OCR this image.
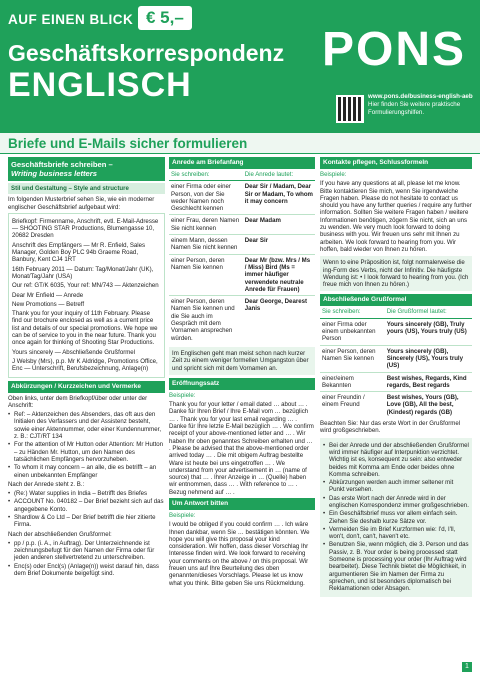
AUF EINEN BLICK € 5,–
Geschäftskorrespondenz
ENGLISCH
PONS
www.pons.de/business-english-aeb
Hier finden Sie weitere praktische Formulierungshilfen.
Briefe und E-Mails sicher formulieren
Geschäftsbriefe schreiben –
Writing business letters
Stil und Gestaltung – Style and structure

Im folgenden Musterbrief sehen Sie, wie ein moderner englischer Geschäftsbrief aufgebaut wird:

Briefkopf: Firmenname, Anschrift, evtl. E-Mail-Adresse — SHOOTING STAR Productions, Blumengasse 10, 20682 Dresden

Anschrift des Empfängers — Mr R. Enfield, Sales Manager, Golden Boy PLC 94b Graeme Road, Banbury, Kent CJ4 1RT

16th February 2011 — Datum: Tag/Monat/Jahr (UK), Monat/Tag/Jahr (USA)

Our ref: GT/K 6035, Your ref: MN/743 — Aktenzeichen

Dear Mr Enfield — Anrede

New Promotions — Betreff

Thank you for your inquiry of 11th February. Please find our brochure enclosed as well as a current price list and details of our special promotions. We hope we can be of service to you in the near future. Thank you once again for thinking of Shooting Star Productions.

Yours sincerely — Abschließende Grußformel

J Welsby (Mrs), p.p. Mr K Aldridge, Promotions Office, Enc — Unterschrift, Berufsbezeichnung, Anlage(n)

Abkürzungen / Kurzzeichen und Vermerke

Oben links, unter dem Briefkopf/über oder unter der Anschrift:

• Ref: – Aktenzeichen des Absenders, das oft aus den Initialen des Verfassers und der Assistenz besteht, sowie einer Aktennummer, oder einer Kundennummer, z. B.: CJT/RT 134
• For the attention of Mr Hutton oder Attention: Mr Hutton – zu Händen Mr. Hutton, um den Namen des tatsächlichen Empfängers hervorzuheben.
• To whom it may concern – an alle, die es betrifft – an einen unbekannten Empfänger

Nach der Anrede steht z. B.:

• (Re:) Water supplies in India – Betrifft des Briefes
• ACCOUNT No. 040182 – Der Brief bezieht sich auf das angegebene Konto.
• Shardlow & Co Ltd – Der Brief betrifft die hier zitierte Firma.

Nach der abschließenden Grußformel:

• pp / p.p. (i. A., in Auftrag). Der Unterzeichnende ist zeichnungsbefugt für den Namen der Firma oder für jeden anderen stellvertretend zu unterschreiben.
• Enc(s) oder Encl(s) (Anlage(n)) weist darauf hin, dass dem Brief Dokumente beigefügt sind.
Anrede am Briefanfang
Sie schreiben:	Die Anrede lautet:
einer Firma oder einer Person, von der Sie weder Namen noch Geschlecht kennen	Dear Sir / Madam, Dear Sir or Madam, To whom it may concern
einer Frau, deren Namen Sie nicht kennen	Dear Madam
einem Mann, dessen Namen Sie nicht kennen	Dear Sir
einer Person, deren Namen Sie kennen	Dear Mr (bzw. Mrs / Ms / Miss) Bird (Ms = immer häufiger verwendete neutrale Anrede für Frauen)
einer Person, deren Namen Sie kennen und die Sie auch im Gespräch mit dem Vornamen ansprechen würden.	Dear George, Dearest Janis
Im Englischen geht man meist schon nach kurzer Zeit zu einem weniger formellen Umgangston über und spricht sich mit dem Vornamen an.
Eröffnungssatz

Beispiele:

Thank you for your letter / email dated … about … . Danke für Ihren Brief / Ihre E-Mail vom … bezüglich … . Thank you for your last email regarding … . Danke für Ihre letzte E-Mail bezüglich … . We confirm receipt of your above-mentioned letter and … . Wir haben Ihr oben genanntes Schreiben erhalten und … . Please be advised that the above-mentioned order arrived today … . Die mit obigem Auftrag bestellte Ware ist heute bei uns eingetroffen … . We understand from your advertisement in … (name of source) that … . Ihrer Anzeige in … (Quelle) haben wir entnommen, dass … . With reference to … . Bezug nehmend auf … .

Um Antwort bitten

Beispiele:

I would be obliged if you could confirm … . Ich wäre Ihnen dankbar, wenn Sie … bestätigen könnten. We hope you will give this proposal your kind consideration. Wir hoffen, dass dieser Vorschlag Ihr Interesse finden wird. We look forward to receiving your comments on the above / on this proposal. Wir freuen uns auf Ihre Beurteilung des oben genannten/dieses Vorschlags. Please let us know what you think. Bitte geben Sie uns Rückmeldung.

Kontakte pflegen, Schlussformeln

Beispiele:

If you have any questions at all, please let me know. Bitte kontaktieren Sie mich, wenn Sie irgendwelche Fragen haben. Please do not hesitate to contact us should you have any further queries / require any further information. Sollten Sie weitere Fragen haben / weitere Informationen benötigen, zögern Sie nicht, sich an uns zu wenden. We very much look forward to doing business with you. Wir freuen uns sehr mit Ihnen zu arbeiten. We look forward to hearing from you. Wir hoffen, bald wieder von Ihnen zu hören.

Wenn to eine Präposition ist, folgt normalerweise die ing-Form des Verbs, nicht der Infinitiv. Die häufigste Wendung ist: • I look forward to hearing from you. (Ich freue mich von Ihnen zu hören.)
Abschließende Grußformel
Sie schreiben:	Die Grußformel lautet:
einer Firma oder einem unbekannten Person	Yours sincerely (GB), Truly yours (US), Yours truly (US)
einer Person, deren Namen Sie kennen	Yours sincerely (GB), Sincerely (US), Yours truly (US)
einer/einem Bekannten	Best wishes, Regards, Kind regards, Best regards
einer Freundin / einem Freund	Best wishes, Yours (GB), Love (GB), All the best, (Kindest) regards (GB)

Beachten Sie: Nur das erste Wort in der Grußformel wird großgeschrieben.

• Bei der Anrede und der abschließenden Grußformel wird immer häufiger auf Interpunktion verzichtet. Wichtig ist es, konsequent zu sein: also entweder beides mit Komma am Ende oder beides ohne Komma schreiben.
• Abkürzungen werden auch immer seltener mit Punkt versehen.
• Das erste Wort nach der Anrede wird in der englischen Korrespondenz immer großgeschrieben.
• Ein Geschäftsbrief muss vor allem einfach sein. Ziehen Sie deshalb kurze Sätze vor.
• Vermeiden Sie im Brief Kurzformen wie: I'd, I'll, won't, don't, can't, haven't etc.
• Benutzen Sie, wenn möglich, die 3. Person und das Passiv, z. B. Your order is being processed statt Someone is processing your order (Ihr Auftrag wird bearbeitet). Diese Technik bietet die Möglichkeit, in argumentieren Sie im Namen der Firma zu sprechen, und ist besonders diplomatisch bei Reklamationen oder Absagen.
1
